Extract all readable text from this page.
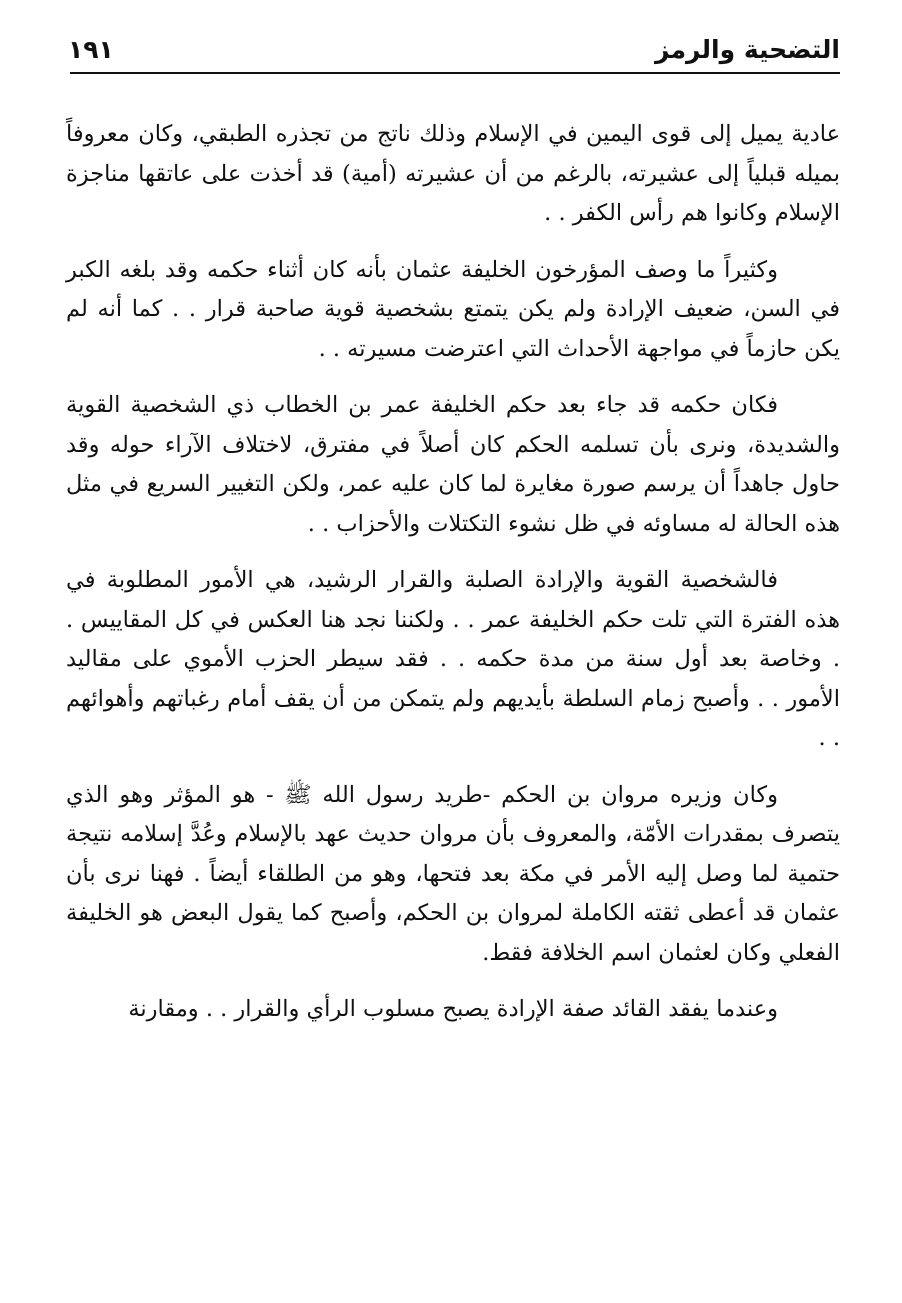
التضحية والرمز
١٩١

عادية يميل إلى قوى اليمين في الإسلام وذلك ناتج من تجذره الطبقي، وكان معروفاً بميله قبلياً إلى عشيرته، بالرغم من أن عشيرته (أمية) قد أخذت على عاتقها مناجزة الإسلام وكانوا هم رأس الكفر . .

وكثيراً ما وصف المؤرخون الخليفة عثمان بأنه كان أثناء حكمه وقد بلغه الكبر في السن، ضعيف الإرادة ولم يكن يتمتع بشخصية قوية صاحبة قرار . . كما أنه لم يكن حازماً في مواجهة الأحداث التي اعترضت مسيرته . .

فكان حكمه قد جاء بعد حكم الخليفة عمر بن الخطاب ذي الشخصية القوية والشديدة، ونرى بأن تسلمه الحكم كان أصلاً في مفترق، لاختلاف الآراء حوله وقد حاول جاهداً أن يرسم صورة مغايرة لما كان عليه عمر، ولكن التغيير السريع في مثل هذه الحالة له مساوئه في ظل نشوء التكتلات والأحزاب . .

فالشخصية القوية والإرادة الصلبة والقرار الرشيد، هي الأمور المطلوبة في هذه الفترة التي تلت حكم الخليفة عمر . . ولكننا نجد هنا العكس في كل المقاييس . . وخاصة بعد أول سنة من مدة حكمه . . فقد سيطر الحزب الأموي على مقاليد الأمور . . وأصبح زمام السلطة بأيديهم ولم يتمكن من أن يقف أمام رغباتهم وأهوائهم . .

وكان وزيره مروان بن الحكم -طريد رسول الله ﷺ - هو المؤثر وهو الذي يتصرف بمقدرات الأمّة، والمعروف بأن مروان حديث عهد بالإسلام وعُدَّ إسلامه نتيجة حتمية لما وصل إليه الأمر في مكة بعد فتحها، وهو من الطلقاء أيضاً . فهنا نرى بأن عثمان قد أعطى ثقته الكاملة لمروان بن الحكم، وأصبح كما يقول البعض هو الخليفة الفعلي وكان لعثمان اسم الخلافة فقط.

وعندما يفقد القائد صفة الإرادة يصبح مسلوب الرأي والقرار . . ومقارنة
